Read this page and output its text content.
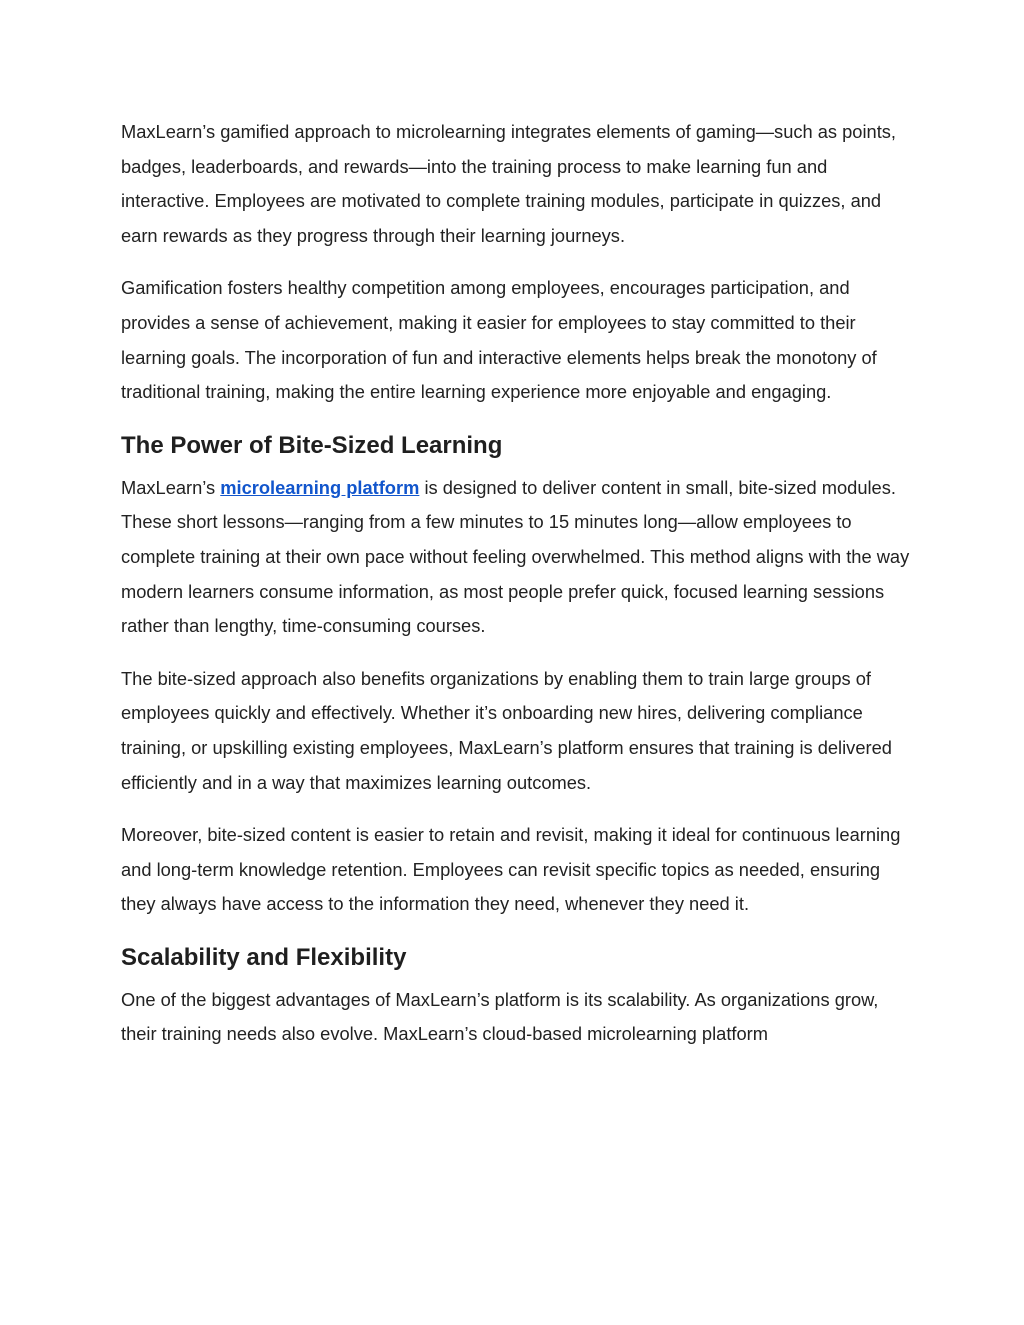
MaxLearn’s gamified approach to microlearning integrates elements of gaming—such as points, badges, leaderboards, and rewards—into the training process to make learning fun and interactive. Employees are motivated to complete training modules, participate in quizzes, and earn rewards as they progress through their learning journeys.

Gamification fosters healthy competition among employees, encourages participation, and provides a sense of achievement, making it easier for employees to stay committed to their learning goals. The incorporation of fun and interactive elements helps break the monotony of traditional training, making the entire learning experience more enjoyable and engaging.

The Power of Bite-Sized Learning

MaxLearn’s microlearning platform is designed to deliver content in small, bite-sized modules. These short lessons—ranging from a few minutes to 15 minutes long—allow employees to complete training at their own pace without feeling overwhelmed. This method aligns with the way modern learners consume information, as most people prefer quick, focused learning sessions rather than lengthy, time-consuming courses.

The bite-sized approach also benefits organizations by enabling them to train large groups of employees quickly and effectively. Whether it’s onboarding new hires, delivering compliance training, or upskilling existing employees, MaxLearn’s platform ensures that training is delivered efficiently and in a way that maximizes learning outcomes.

Moreover, bite-sized content is easier to retain and revisit, making it ideal for continuous learning and long-term knowledge retention. Employees can revisit specific topics as needed, ensuring they always have access to the information they need, whenever they need it.

Scalability and Flexibility

One of the biggest advantages of MaxLearn’s platform is its scalability. As organizations grow, their training needs also evolve. MaxLearn’s cloud-based microlearning platform
